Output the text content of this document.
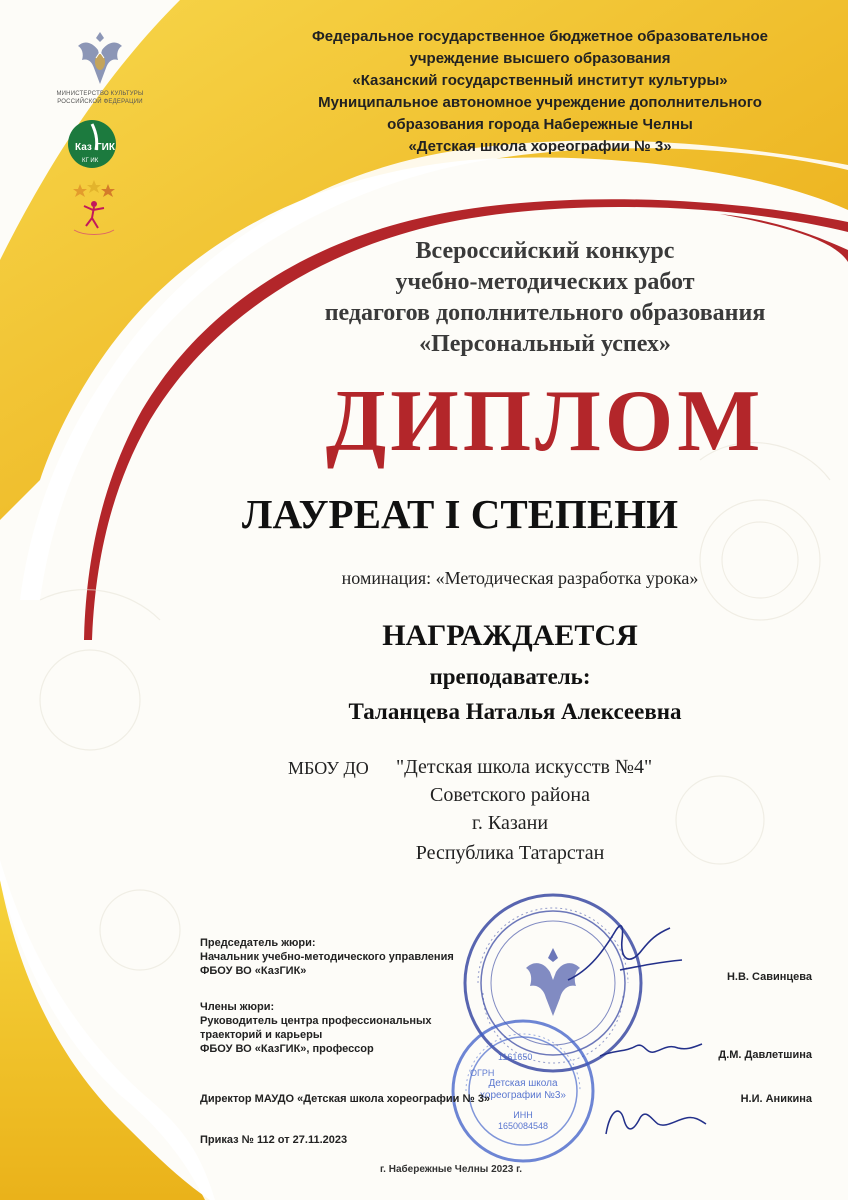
МИНИСТЕРСТВО КУЛЬТУРЫ
РОССИЙСКОЙ ФЕДЕРАЦИИ
Каз ГИК
КГ ИК
Федеральное государственное бюджетное образовательное
учреждение высшего образования
«Казанский государственный институт культуры»
Муниципальное автономное учреждение дополнительного
образования города Набережные Челны
«Детская школа хореографии № 3»
Всероссийский конкурс
учебно-методических работ
педагогов дополнительного образования
«Персональный успех»
ДИПЛОМ
ЛАУРЕАТ I СТЕПЕНИ
номинация: «Методическая разработка урока»
НАГРАЖДАЕТСЯ
преподаватель:
Таланцева Наталья Алексеевна
МБОУ ДО "Детская школа искусств №4"
Советского района
г. Казани
Республика Татарстан
ОГРН
1161650
Детская школа
хореографии №3»
ИНН
1650084548
Председатель жюри:
Начальник учебно-методического управления
ФБОУ ВО «КазГИК»	Н.В. Савинцева
Члены жюри:
Руководитель центра профессиональных
траекторий и карьеры
ФБОУ ВО «КазГИК», профессор	Д.М. Давлетшина
Директор МАУДО «Детская школа хореографии № 3»	Н.И. Аникина
Приказ № 112 от 27.11.2023
г. Набережные Челны 2023 г.
